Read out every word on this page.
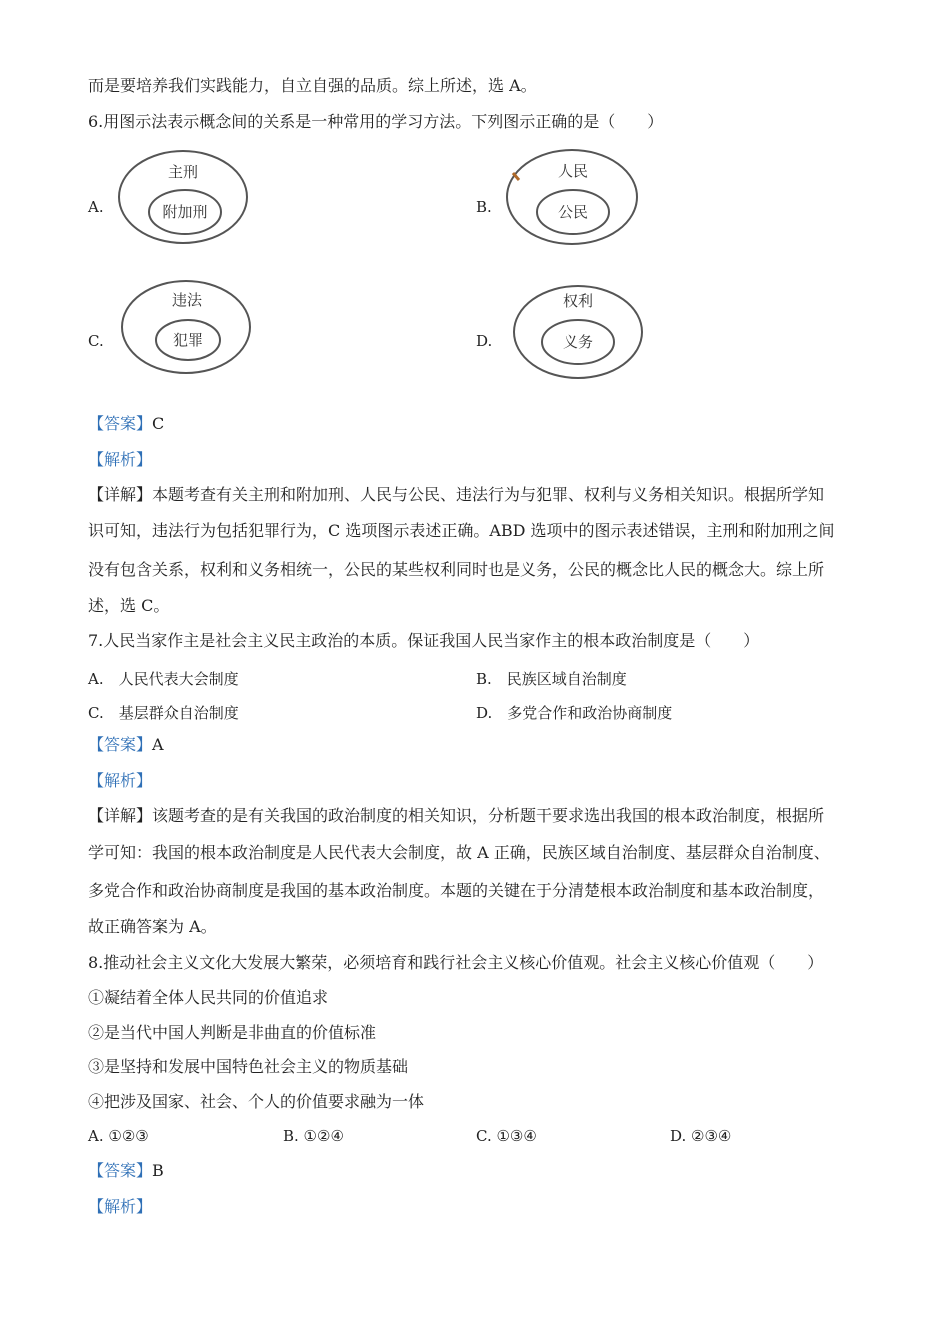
而是要培养我们实践能力，自立自强的品质。综上所述，选 A。
6.用图示法表示概念间的关系是一种常用的学习方法。下列图示正确的是（　　）
A.
主刑
附加刑	B.
人民
公民
C.
违法
犯罪	D.
权利
义务
【答案】C
【解析】
【详解】本题考查有关主刑和附加刑、人民与公民、违法行为与犯罪、权利与义务相关知识。根据所学知
识可知，违法行为包括犯罪行为，C 选项图示表述正确。ABD 选项中的图示表述错误，主刑和附加刑之间
没有包含关系，权利和义务相统一，公民的某些权利同时也是义务，公民的概念比人民的概念大。综上所
述，选 C。
7.人民当家作主是社会主义民主政治的本质。保证我国人民当家作主的根本政治制度是（　　）
A.　人民代表大会制度	B.　民族区域自治制度
C.　基层群众自治制度	D.　多党合作和政治协商制度
【答案】A
【解析】
【详解】该题考查的是有关我国的政治制度的相关知识，分析题干要求选出我国的根本政治制度，根据所
学可知：我国的根本政治制度是人民代表大会制度，故 A 正确，民族区域自治制度、基层群众自治制度、
多党合作和政治协商制度是我国的基本政治制度。本题的关键在于分清楚根本政治制度和基本政治制度，
故正确答案为 A。
8.推动社会主义文化大发展大繁荣，必须培育和践行社会主义核心价值观。社会主义核心价值观（　　）
①凝结着全体人民共同的价值追求
②是当代中国人判断是非曲直的价值标准
③是坚持和发展中国特色社会主义的物质基础
④把涉及国家、社会、个人的价值要求融为一体
A. ①②③	B. ①②④	C. ①③④	D. ②③④
【答案】B
【解析】
